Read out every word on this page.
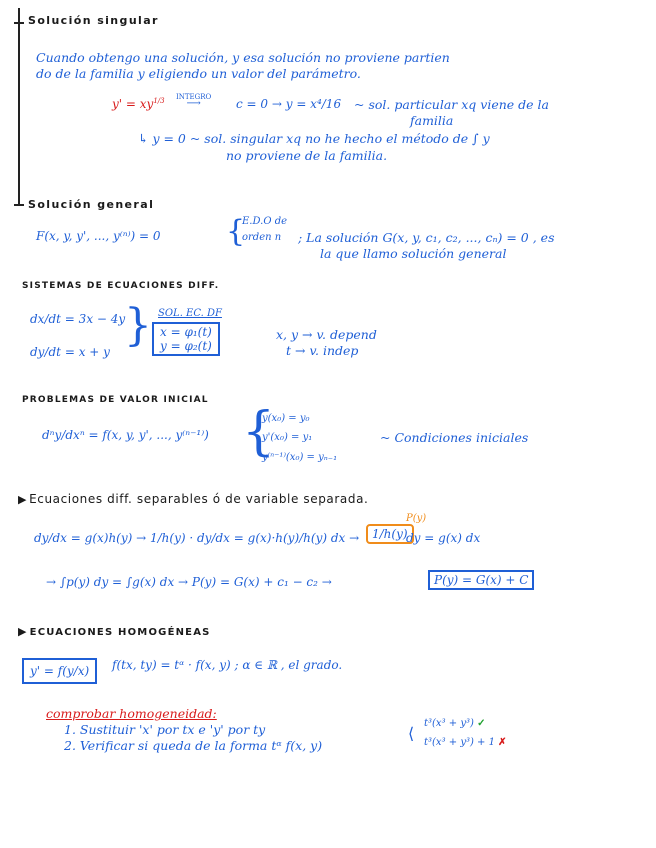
Solución singular
Cuando obtengo una solución, y esa solución no proviene partien
do de la familia y eligiendo un valor del parámetro.
$y' = xy^{1/3}$ INTEGRO
⟶	c = 0 → y = x⁴/16 ~ sol. particular xq viene de la
familia
↳ y = 0 ~ sol. singular xq no he hecho el método de ∫ y
no proviene de la familia.
Solución general
F(x, y, y', ..., y⁽ⁿ⁾) = 0 {
E.D.O de
orden n ; La solución G(x, y, c₁, c₂, ..., cₙ) = 0 , es
la que llamo solución general
SISTEMAS DE ECUACIONES DIFF.
dx/dt = 3x − 4y
dy/dt = x + y
} SOL. EC. DF
x = φ₁(t)
y = φ₂(t)
x, y → v. depend
t → v. indep
PROBLEMAS DE VALOR INICIAL
dⁿy/dxⁿ = f(x, y, y', ..., y⁽ⁿ⁻¹⁾) {
y(x₀) = y₀
y'(x₀) = y₁
y⁽ⁿ⁻¹⁾(x₀) = yₙ₋₁
~ Condiciones iniciales
▶ Ecuaciones diff. separables ó de variable separada.
dy/dx = g(x)h(y) → 1/h(y) · dy/dx = g(x)·h(y)/h(y) dx →
P(y)
1/h(y)
dy = g(x) dx
→ ∫p(y) dy = ∫g(x) dx → P(y) = G(x) + c₁ − c₂ →	P(y) = G(x) + C
▶ ECUACIONES HOMOGÉNEAS
y' = f(y/x)	f(tx, ty) = tᵅ · f(x, y) ; α ∈ ℝ , el grado.
comprobar homogeneidad:
1. Sustituir 'x' por tx e 'y' por ty
2. Verificar si queda de la forma tᵅ f(x, y)
⟨
t³(x³ + y³) ✓
t³(x³ + y³) + 1 ✗
